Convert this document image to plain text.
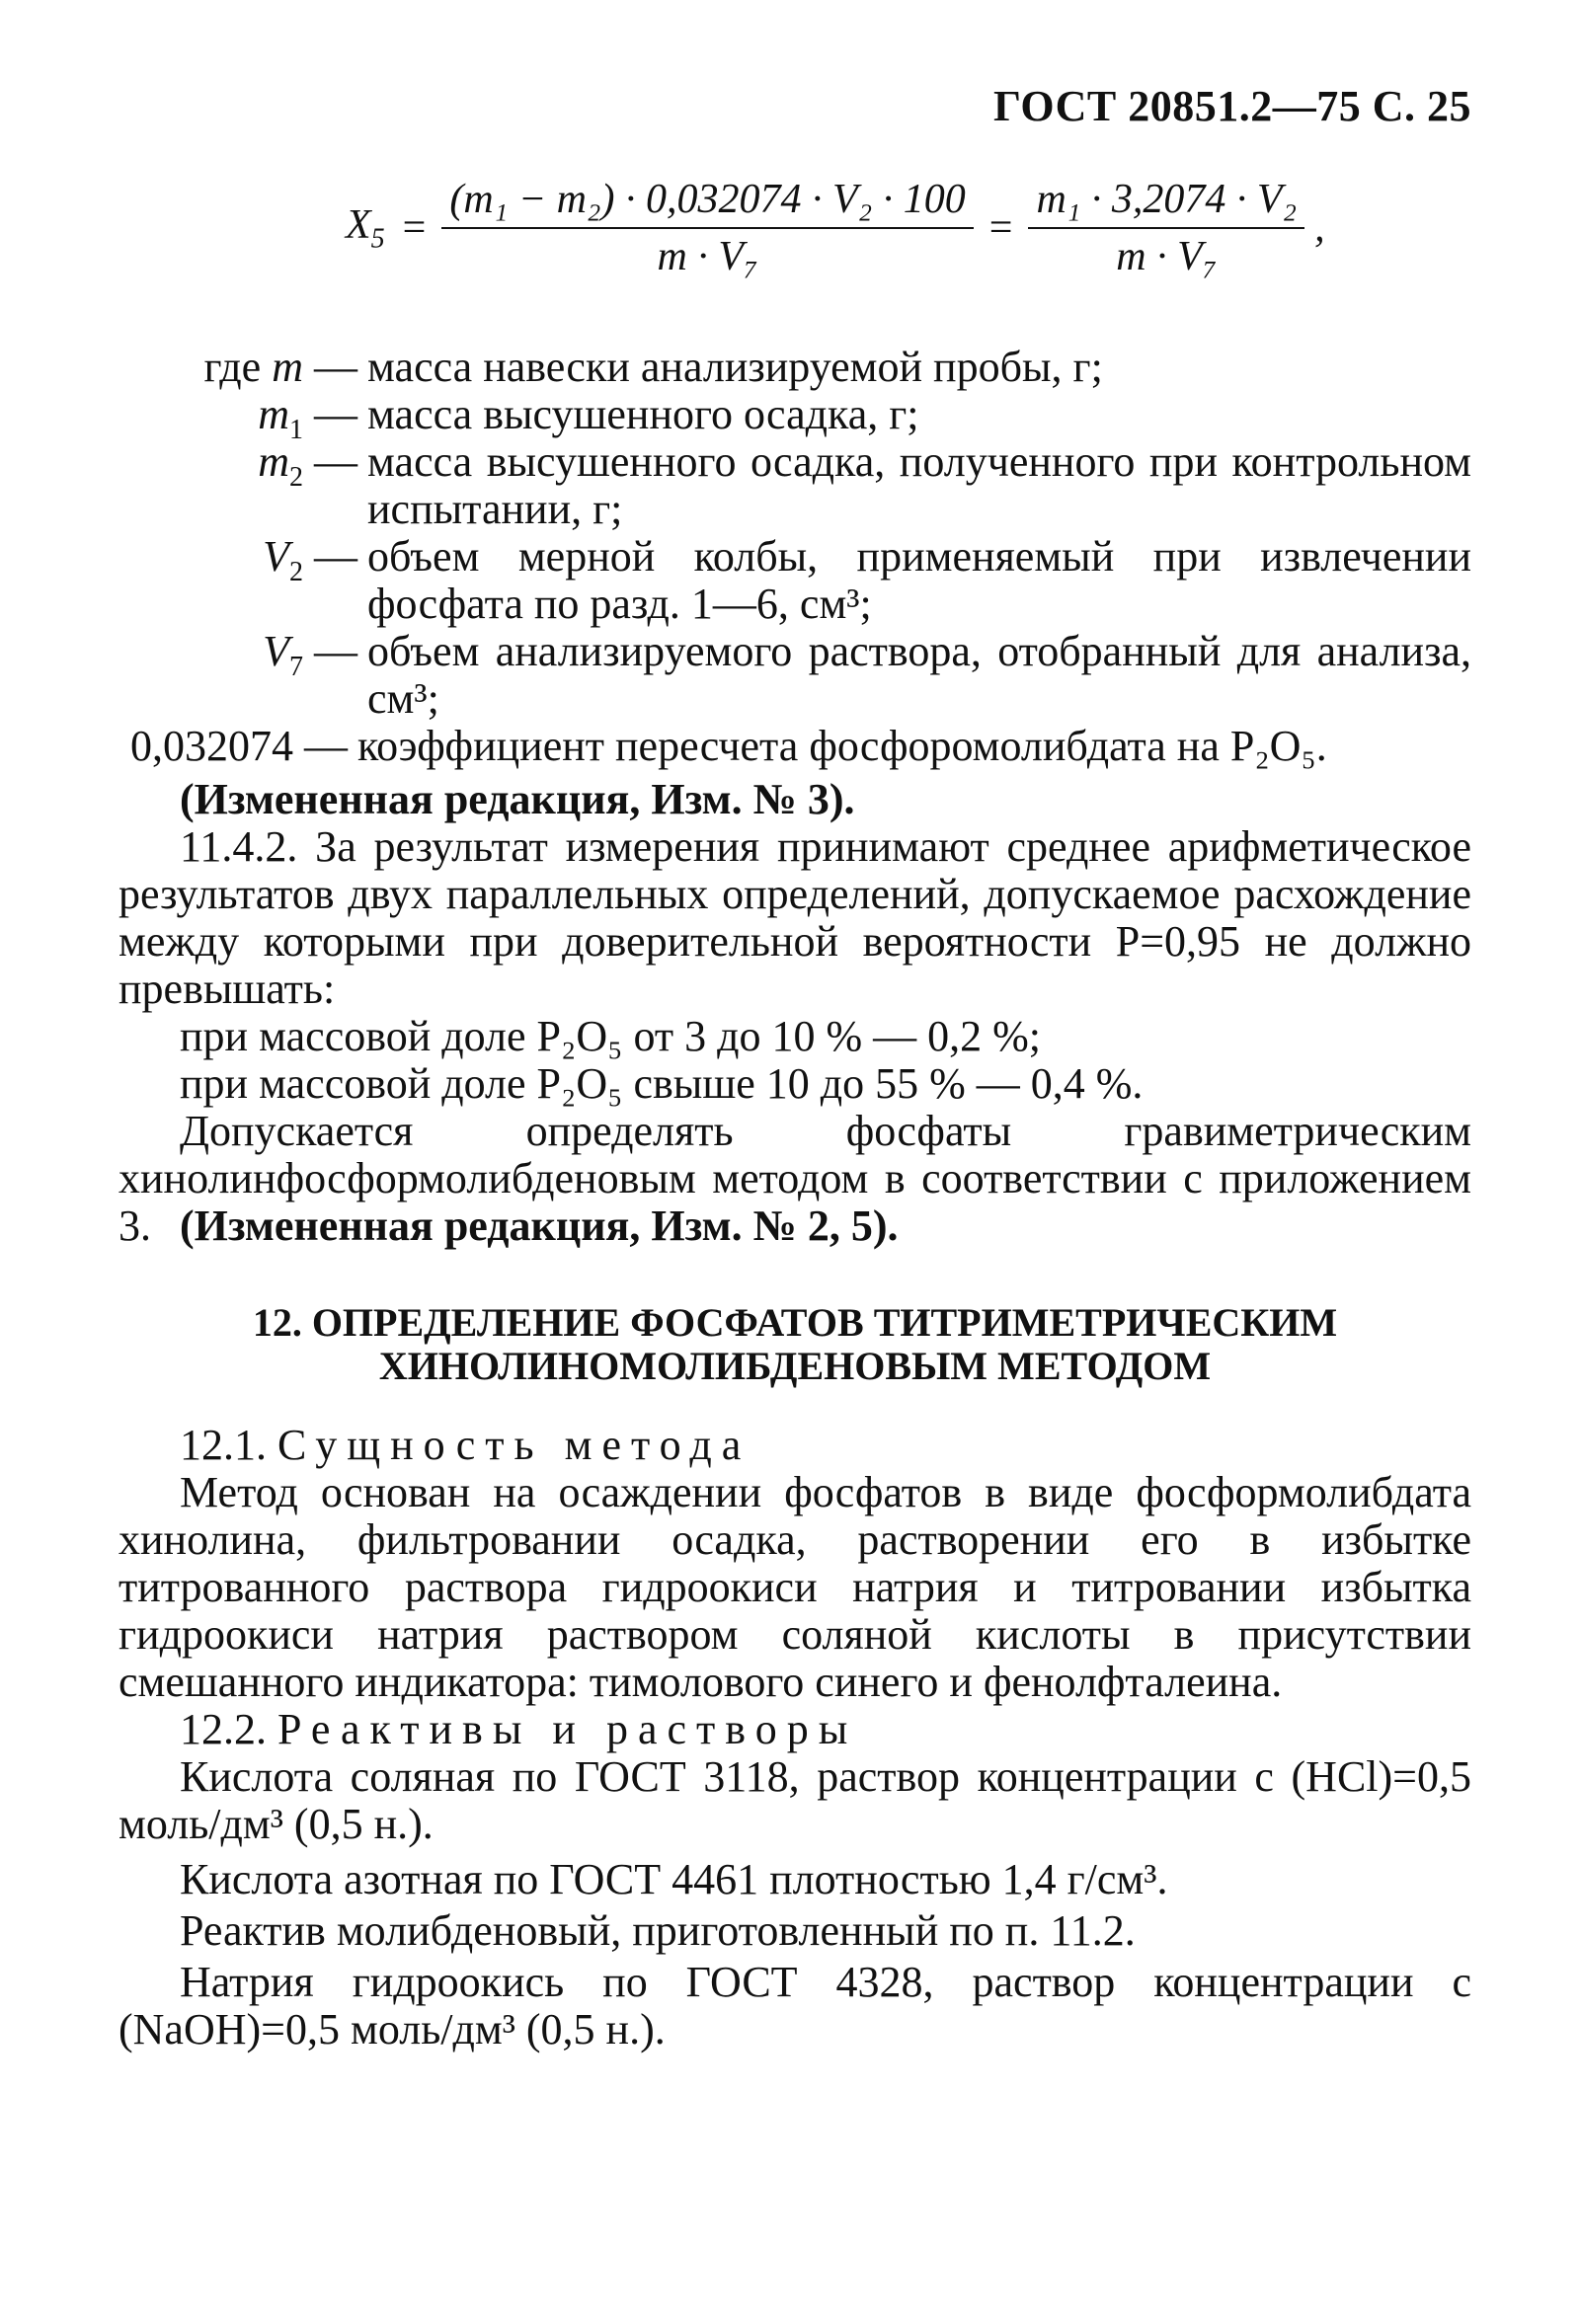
ГОСТ 20851.2—75 С. 25
$X_5 = \frac{\text{(m₁ − m₂) · 0,032074 · V₂ · 100}}{\text{m · V₇}} = \frac{\text{m₁ · 3,2074 · V₂}}{\text{m · V₇}}$ ,
где m — масса навески анализируемой пробы, г;
$m_1$ — масса высушенного осадка, г;
$m_2$ — масса высушенного осадка, полученного при контрольном испытании, г;
$V_2$ — объем мерной колбы, применяемый при извлечении фосфата по разд. 1—6, см³;
$V_7$ — объем анализируемого раствора, отобранный для анализа, см³;
0,032074 — коэффициент пересчета фосфоромолибдата на P₂O₅.
(Измененная редакция, Изм. № 3).
11.4.2. За результат измерения принимают среднее арифметическое результатов двух параллельных определений, допускаемое расхождение между которыми при доверительной вероятности P=0,95 не должно превышать:
при массовой доле P₂O₅ от 3 до 10 % — 0,2 %;
при массовой доле P₂O₅ свыше 10 до 55 % — 0,4 %.
Допускается определять фосфаты гравиметрическим хинолинфосформолибденовым методом в соответствии с приложением 3. (Измененная редакция, Изм. № 2, 5).
12. ОПРЕДЕЛЕНИЕ ФОСФАТОВ ТИТРИМЕТРИЧЕСКИМ
ХИНОЛИНОМОЛИБДЕНОВЫМ МЕТОДОМ
12.1. Сущность метода
Метод основан на осаждении фосфатов в виде фосформолибдата хинолина, фильтровании осадка, растворении его в избытке титрованного раствора гидроокиси натрия и титровании избытка гидроокиси натрия раствором соляной кислоты в присутствии смешанного индикатора: тимолового синего и фенолфталеина.
12.2. Реактивы и растворы
Кислота соляная по ГОСТ 3118, раствор концентрации c (HCl)=0,5 моль/дм³ (0,5 н.).
Кислота азотная по ГОСТ 4461 плотностью 1,4 г/см³.
Реактив молибденовый, приготовленный по п. 11.2.
Натрия гидроокись по ГОСТ 4328, раствор концентрации c (NaOH)=0,5 моль/дм³ (0,5 н.).
